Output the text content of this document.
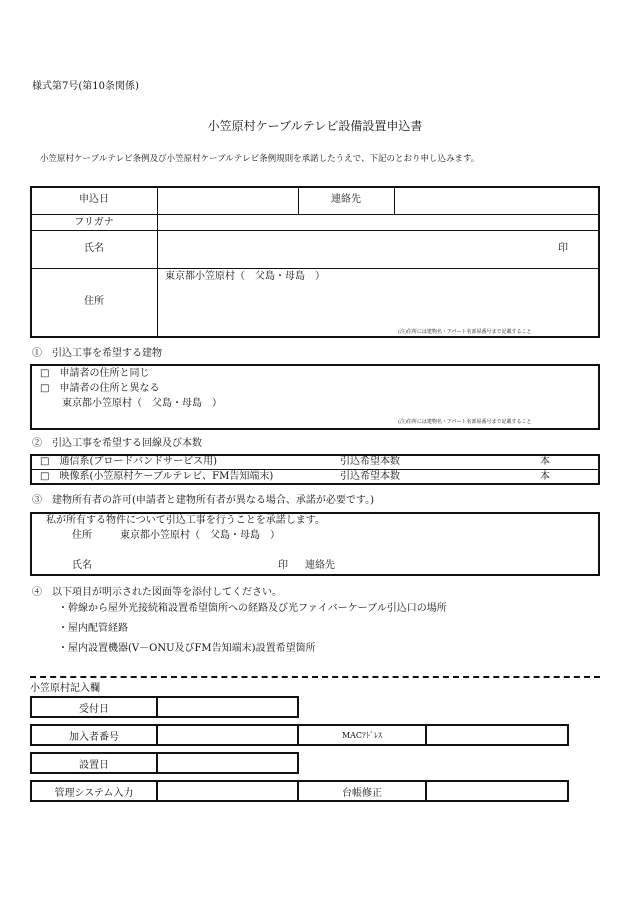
様式第7号(第10条関係)
小笠原村ケーブルテレビ設備設置申込書
小笠原村ケーブルテレビ条例及び小笠原村ケーブルテレビ条例規則を承諾したうえで、下記のとおり申し込みます。
申込日	連絡先
フリガナ
氏名	印
住所
東京都小笠原村（　父島・母島　）
(注)住所には建物名・アパート名部屋番号まで記載すること
①　引込工事を希望する建物
□　申請者の住所と同じ
□　申請者の住所と異なる
東京都小笠原村（　父島・母島　）
(注)住所には建物名・アパート名部屋番号まで記載すること
②　引込工事を希望する回線及び本数
□　通信系(ブロードバンドサービス用)	引込希望本数	本
□　映像系(小笠原村ケーブルテレビ、FM告知端末)	引込希望本数	本
③　建物所有者の許可(申請者と建物所有者が異なる場合、承諾が必要です。)
私が所有する物件について引込工事を行うことを承諾します。
住所	東京都小笠原村（　父島・母島　）
氏名	印 連絡先
④　以下項目が明示された図面等を添付してください。
・幹線から屋外光接続箱設置希望箇所への経路及び光ファイバーケーブル引込口の場所
・屋内配管経路
・屋内設置機器(V－ONU及びFM告知端末)設置希望箇所
小笠原村記入欄
受付日
加入者番号	MACｱﾄﾞﾚｽ
設置日
管理システム入力	台帳修正
